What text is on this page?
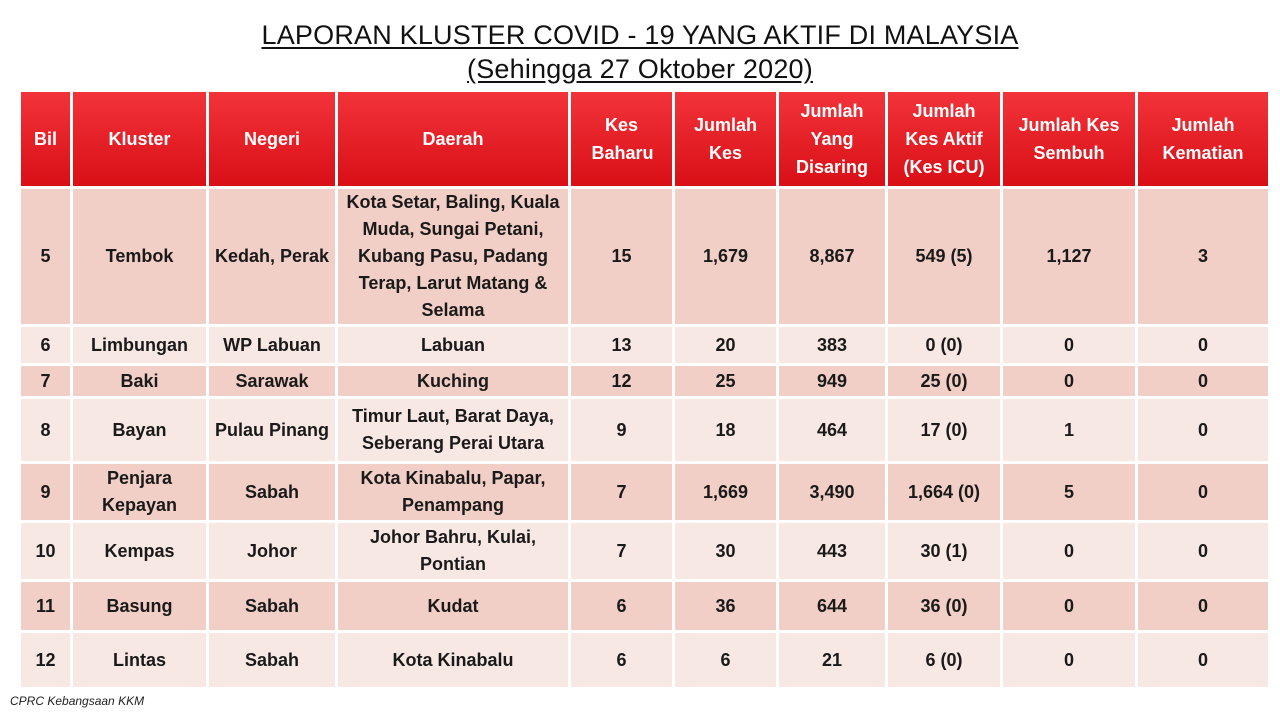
LAPORAN KLUSTER COVID - 19 YANG AKTIF DI MALAYSIA
(Sehingga 27 Oktober 2020)
Bil	Kluster	Negeri	Daerah	Kes Baharu	Jumlah Kes	Jumlah Yang Disaring	Jumlah Kes Aktif (Kes ICU)	Jumlah Kes Sembuh	Jumlah Kematian

5	Tembok	Kedah, Perak	Kota Setar, Baling, Kuala Muda, Sungai Petani, Kubang Pasu, Padang Terap, Larut Matang & Selama	15	1,679	8,867	549 (5)	1,127	3
6	Limbungan	WP Labuan	Labuan	13	20	383	0 (0)	0	0
7	Baki	Sarawak	Kuching	12	25	949	25 (0)	0	0
8	Bayan	Pulau Pinang	Timur Laut, Barat Daya, Seberang Perai Utara	9	18	464	17 (0)	1	0
9	Penjara Kepayan	Sabah	Kota Kinabalu, Papar, Penampang	7	1,669	3,490	1,664 (0)	5	0
10	Kempas	Johor	Johor Bahru, Kulai, Pontian	7	30	443	30 (1)	0	0
11	Basung	Sabah	Kudat	6	36	644	36 (0)	0	0
12	Lintas	Sabah	Kota Kinabalu	6	6	21	6 (0)	0	0
CPRC Kebangsaan KKM
